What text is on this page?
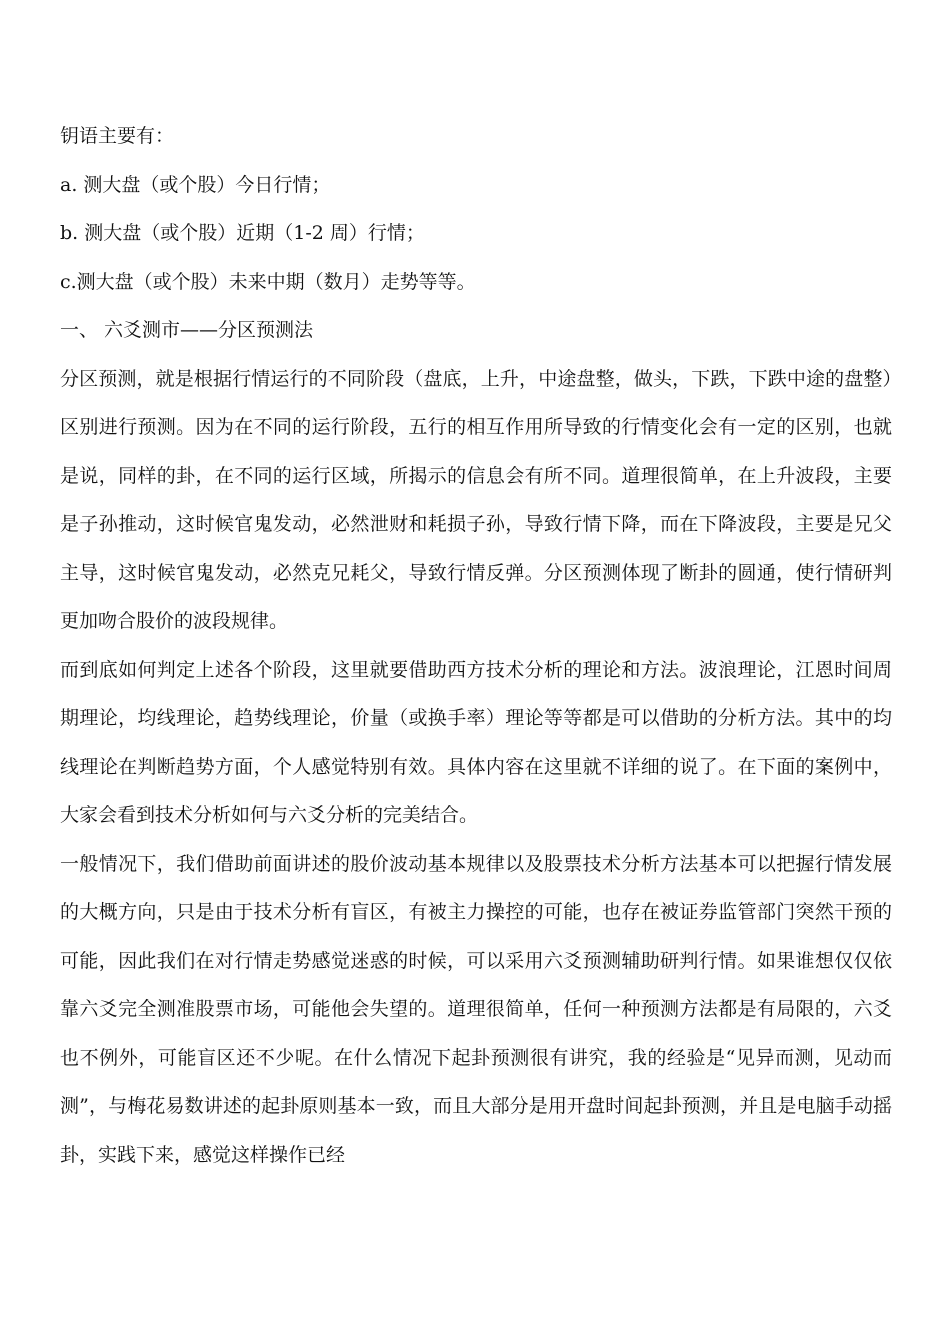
钥语主要有：

a. 测大盘（或个股）今日行情；

b. 测大盘（或个股）近期（1-2 周）行情；

c.测大盘（或个股）未来中期（数月）走势等等。

一、 六爻测市——分区预测法

分区预测，就是根据行情运行的不同阶段（盘底，上升，中途盘整，做头，下跌，下跌中途的盘整）区别进行预测。因为在不同的运行阶段，五行的相互作用所导致的行情变化会有一定的区别，也就是说，同样的卦，在不同的运行区域，所揭示的信息会有所不同。道理很简单，在上升波段，主要是子孙推动，这时候官鬼发动，必然泄财和耗损子孙，导致行情下降，而在下降波段，主要是兄父主导，这时候官鬼发动，必然克兄耗父，导致行情反弹。分区预测体现了断卦的圆通，使行情研判更加吻合股价的波段规律。

而到底如何判定上述各个阶段，这里就要借助西方技术分析的理论和方法。波浪理论，江恩时间周期理论，均线理论，趋势线理论，价量（或换手率）理论等等都是可以借助的分析方法。其中的均线理论在判断趋势方面，个人感觉特别有效。具体内容在这里就不详细的说了。在下面的案例中，大家会看到技术分析如何与六爻分析的完美结合。

一般情况下，我们借助前面讲述的股价波动基本规律以及股票技术分析方法基本可以把握行情发展的大概方向，只是由于技术分析有盲区，有被主力操控的可能，也存在被证券监管部门突然干预的可能，因此我们在对行情走势感觉迷惑的时候，可以采用六爻预测辅助研判行情。如果谁想仅仅依靠六爻完全测准股票市场，可能他会失望的。道理很简单，任何一种预测方法都是有局限的，六爻也不例外，可能盲区还不少呢。在什么情况下起卦预测很有讲究，我的经验是“见异而测，见动而测”，与梅花易数讲述的起卦原则基本一致，而且大部分是用开盘时间起卦预测，并且是电脑手动摇卦，实践下来，感觉这样操作已经
